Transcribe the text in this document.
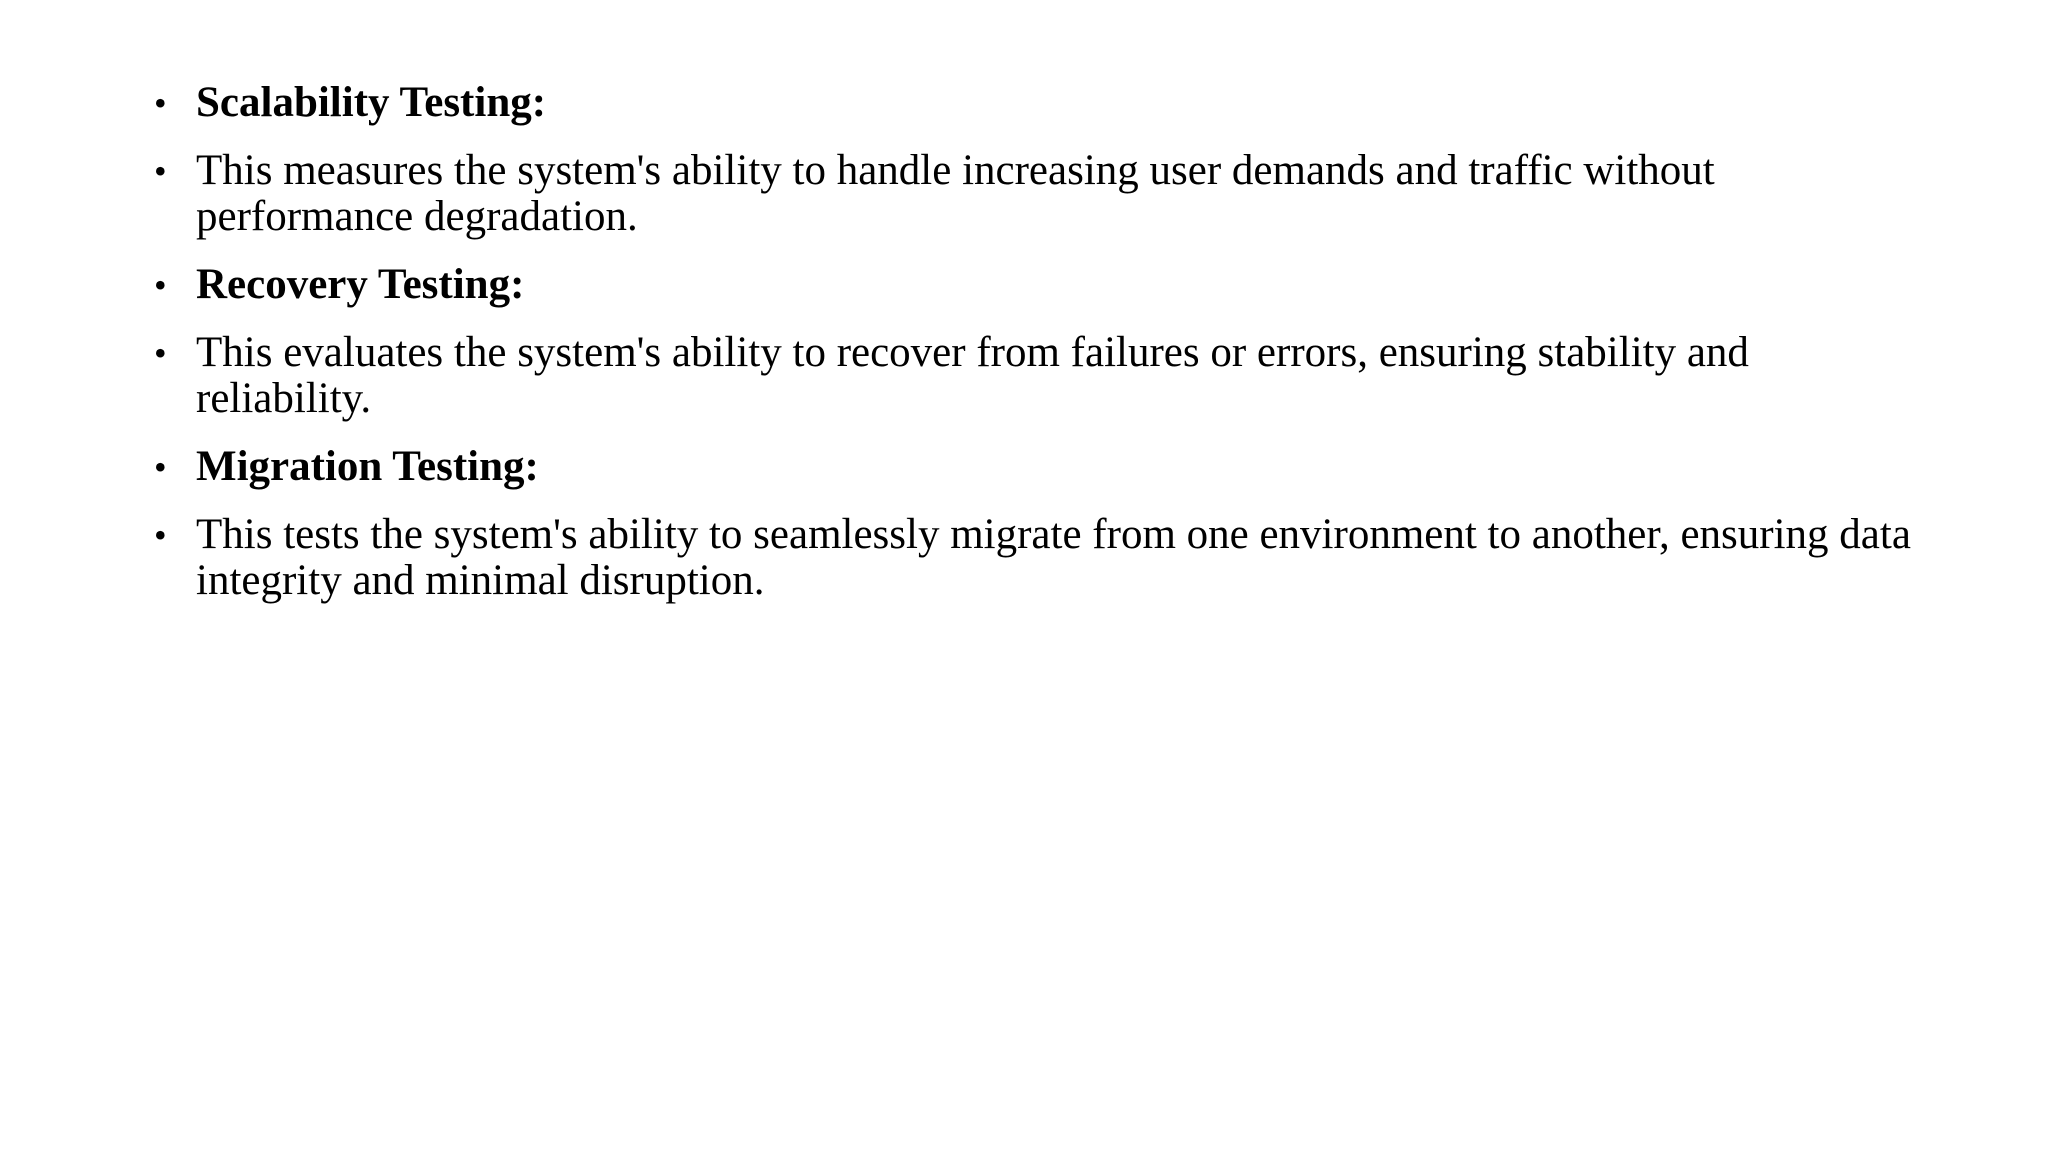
• Scalability Testing:
• This measures the system's ability to handle increasing user demands and traffic without performance degradation.
• Recovery Testing:
• This evaluates the system's ability to recover from failures or errors, ensuring stability and reliability.
• Migration Testing:
• This tests the system's ability to seamlessly migrate from one environment to another, ensuring data integrity and minimal disruption.
